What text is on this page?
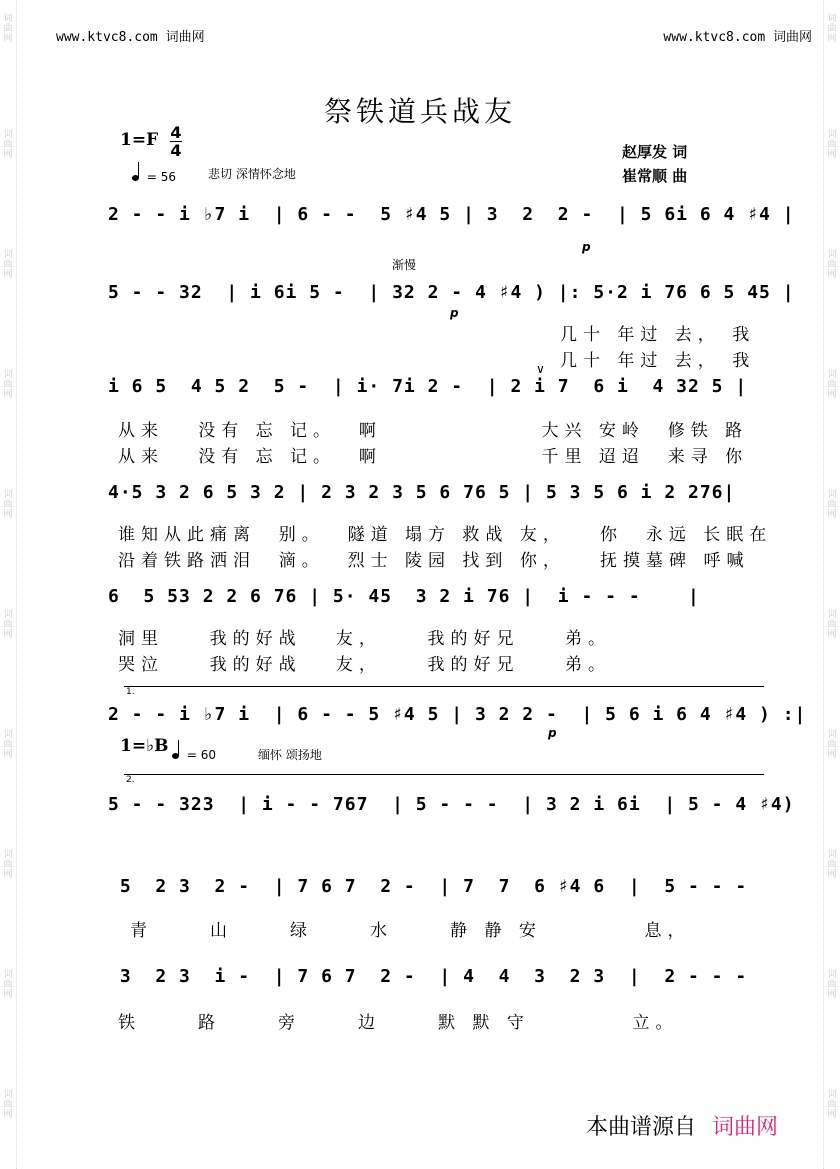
词曲网
词曲网
词曲网
词曲网
词曲网
词曲网
词曲网
词曲网
词曲网
词曲网
词曲网
词曲网
词曲网
词曲网
词曲网
词曲网
词曲网
词曲网
词曲网
词曲网
www.ktvc8.com 词曲网	www.ktvc8.com 词曲网
祭铁道兵战友
1=F 4
4
= 56	悲切 深情怀念地
赵厚发 词
崔常顺 曲
2 - - i ♭7 i  | 6 - -  5 ♯4 5 | 3  2  2 -  | 5 6i 6 4 ♯4 |
p
渐慢
5 - - 32  | i 6i 5 -  | 32 2 - 4 ♯4 ) |: 5·2 i 76 6 5 45 |
p
几十 年过 去， 我
几十 年过 去， 我
∨
i 6 5  4 5 2  5 -  | i· 7i 2 -  | 2 i 7  6 i  4 32 5 |
从来   没有 忘 记。  啊              大兴 安岭  修铁 路
从来   没有 忘 记。  啊              千里 迢迢  来寻 你
4·5 3 2 6 5 3 2 | 2 3 2 3 5 6 76 5 | 5 3 5 6 i 2 276|
谁知从此痛离  别。  隧道 塌方 救战 友，   你  永远 长眠在
沿着铁路洒泪  滴。  烈士 陵园 找到 你，   抚摸墓碑 呼喊
6  5 53 2 2 6 76 | 5· 45  3 2 i 76 |  i - - -    |
洞里    我的好战   友，    我的好兄    弟。
哭泣    我的好战   友，    我的好兄    弟。
1.
2 - - i ♭7 i  | 6 - - 5 ♯4 5 | 3 2 2 -  | 5 6 i 6 4 ♯4 ) :|
p
1=♭B	= 60	缅怀 颂扬地
2.
5 - - 323  | i - - 767  | 5 - - -  | 3 2 i 6i  | 5 - 4 ♯4)
5  2 3  2 -  | 7 6 7  2 -  | 7  7  6 ♯4 6  |  5 - - -
青     山     绿     水     静 静 安         息，
3  2 3  i -  | 7 6 7  2 -  | 4  4  3  2 3  |  2 - - -
铁     路     旁     边     默 默 守         立。
本曲谱源自 词曲网
